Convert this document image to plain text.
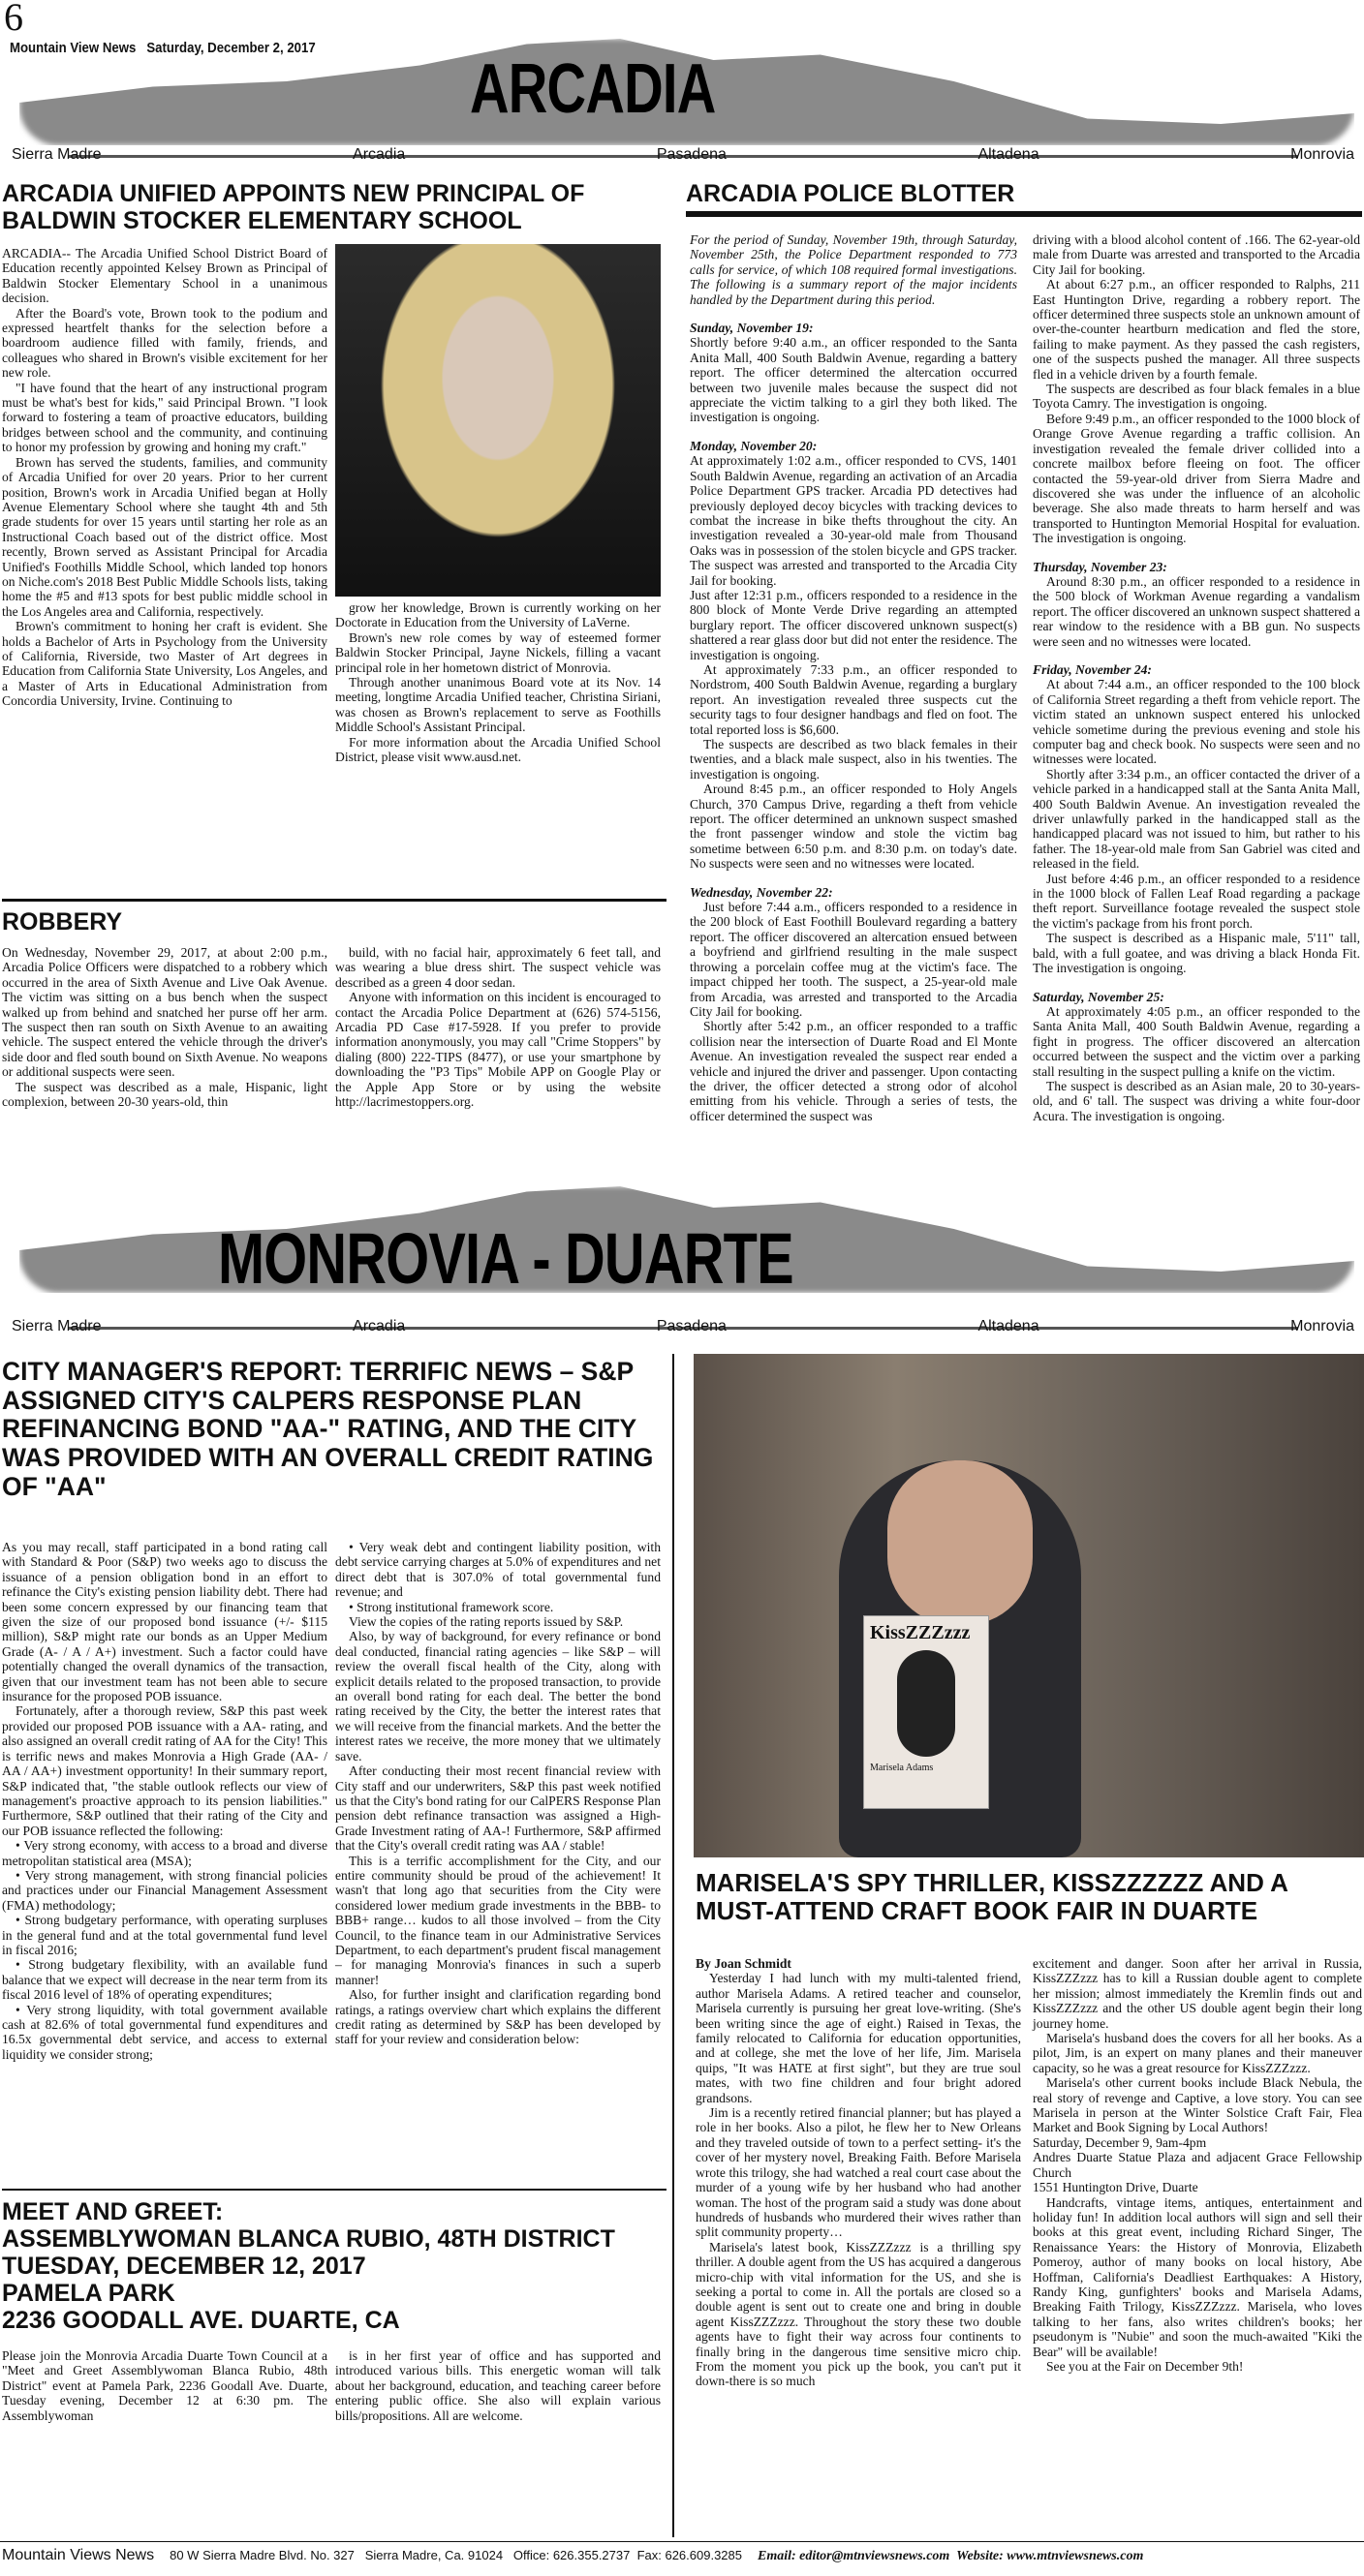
6
Mountain View News   Saturday, December 2, 2017
ARCADIA
Sierra Madre	Arcadia	Pasadena	Altadena	Monrovia
ARCADIA UNIFIED APPOINTS NEW PRINCIPAL OF BALDWIN STOCKER ELEMENTARY SCHOOL

ARCADIA-- The Arcadia Unified School District Board of Education recently appointed Kelsey Brown as Principal of Baldwin Stocker Elementary School in a unanimous decision.

After the Board's vote, Brown took to the podium and expressed heartfelt thanks for the selection before a boardroom audience filled with family, friends, and colleagues who shared in Brown's visible excitement for her new role.

"I have found that the heart of any instructional program must be what's best for kids," said Principal Brown. "I look forward to fostering a team of proactive educators, building bridges between school and the community, and continuing to honor my profession by growing and honing my craft."

Brown has served the students, families, and community of Arcadia Unified for over 20 years. Prior to her current position, Brown's work in Arcadia Unified began at Holly Avenue Elementary School where she taught 4th and 5th grade students for over 15 years until starting her role as an Instructional Coach based out of the district office. Most recently, Brown served as Assistant Principal for Arcadia Unified's Foothills Middle School, which landed top honors on Niche.com's 2018 Best Public Middle Schools lists, taking home the #5 and #13 spots for best public middle school in the Los Angeles area and California, respectively.

Brown's commitment to honing her craft is evident. She holds a Bachelor of Arts in Psychology from the University of California, Riverside, two Master of Art degrees in Education from California State University, Los Angeles, and a Master of Arts in Educational Administration from Concordia University, Irvine. Continuing to

grow her knowledge, Brown is currently working on her Doctorate in Education from the University of LaVerne.

Brown's new role comes by way of esteemed former Baldwin Stocker Principal, Jayne Nickels, filling a vacant principal role in her hometown district of Monrovia.

Through another unanimous Board vote at its Nov. 14 meeting, longtime Arcadia Unified teacher, Christina Siriani, was chosen as Brown's replacement to serve as Foothills Middle School's Assistant Principal.

For more information about the Arcadia Unified School District, please visit www.ausd.net.

ROBBERY

On Wednesday, November 29, 2017, at about 2:00 p.m., Arcadia Police Officers were dispatched to a robbery which occurred in the area of Sixth Avenue and Live Oak Avenue. The victim was sitting on a bus bench when the suspect walked up from behind and snatched her purse off her arm. The suspect then ran south on Sixth Avenue to an awaiting vehicle. The suspect entered the vehicle through the driver's side door and fled south bound on Sixth Avenue. No weapons or additional suspects were seen.

The suspect was described as a male, Hispanic, light complexion, between 20-30 years-old, thin

build, with no facial hair, approximately 6 feet tall, and was wearing a blue dress shirt. The suspect vehicle was described as a green 4 door sedan.

Anyone with information on this incident is encouraged to contact the Arcadia Police Department at (626) 574-5156, Arcadia PD Case #17-5928. If you prefer to provide information anonymously, you may call "Crime Stoppers" by dialing (800) 222-TIPS (8477), or use your smartphone by downloading the "P3 Tips" Mobile APP on Google Play or the Apple App Store or by using the website http://lacrimestoppers.org.

ARCADIA POLICE BLOTTER

For the period of Sunday, November 19th, through Saturday, November 25th, the Police Department responded to 773 calls for service, of which 108 required formal investigations. The following is a summary report of the major incidents handled by the Department during this period.

Sunday, November 19:

Shortly before 9:40 a.m., an officer responded to the Santa Anita Mall, 400 South Baldwin Avenue, regarding a battery report. The officer determined the altercation occurred between two juvenile males because the suspect did not appreciate the victim talking to a girl they both liked. The investigation is ongoing.

Monday, November 20:

At approximately 1:02 a.m., officer responded to CVS, 1401 South Baldwin Avenue, regarding an activation of an Arcadia Police Department GPS tracker. Arcadia PD detectives had previously deployed decoy bicycles with tracking devices to combat the increase in bike thefts throughout the city. An investigation revealed a 30-year-old male from Thousand Oaks was in possession of the stolen bicycle and GPS tracker. The suspect was arrested and transported to the Arcadia City Jail for booking.

Just after 12:31 p.m., officers responded to a residence in the 800 block of Monte Verde Drive regarding an attempted burglary report. The officer discovered unknown suspect(s) shattered a rear glass door but did not enter the residence. The investigation is ongoing.

At approximately 7:33 p.m., an officer responded to Nordstrom, 400 South Baldwin Avenue, regarding a burglary report. An investigation revealed three suspects cut the security tags to four designer handbags and fled on foot. The total reported loss is $6,600.

The suspects are described as two black females in their twenties, and a black male suspect, also in his twenties. The investigation is ongoing.

Around 8:45 p.m., an officer responded to Holy Angels Church, 370 Campus Drive, regarding a theft from vehicle report. The officer determined an unknown suspect smashed the front passenger window and stole the victim bag sometime between 6:50 p.m. and 8:30 p.m. on today's date. No suspects were seen and no witnesses were located.

Wednesday, November 22:

Just before 7:44 a.m., officers responded to a residence in the 200 block of East Foothill Boulevard regarding a battery report. The officer discovered an altercation ensued between a boyfriend and girlfriend resulting in the male suspect throwing a porcelain coffee mug at the victim's face. The impact chipped her tooth. The suspect, a 25-year-old male from Arcadia, was arrested and transported to the Arcadia City Jail for booking.

Shortly after 5:42 p.m., an officer responded to a traffic collision near the intersection of Duarte Road and El Monte Avenue. An investigation revealed the suspect rear ended a vehicle and injured the driver and passenger. Upon contacting the driver, the officer detected a strong odor of alcohol emitting from his vehicle. Through a series of tests, the officer determined the suspect was

driving with a blood alcohol content of .166. The 62-year-old male from Duarte was arrested and transported to the Arcadia City Jail for booking.

At about 6:27 p.m., an officer responded to Ralphs, 211 East Huntington Drive, regarding a robbery report. The officer determined three suspects stole an unknown amount of over-the-counter heartburn medication and fled the store, failing to make payment. As they passed the cash registers, one of the suspects pushed the manager. All three suspects fled in a vehicle driven by a fourth female.

The suspects are described as four black females in a blue Toyota Camry. The investigation is ongoing.

Before 9:49 p.m., an officer responded to the 1000 block of Orange Grove Avenue regarding a traffic collision. An investigation revealed the female driver collided into a concrete mailbox before fleeing on foot. The officer contacted the 59-year-old driver from Sierra Madre and discovered she was under the influence of an alcoholic beverage. She also made threats to harm herself and was transported to Huntington Memorial Hospital for evaluation. The investigation is ongoing.

Thursday, November 23:

Around 8:30 p.m., an officer responded to a residence in the 500 block of Workman Avenue regarding a vandalism report. The officer discovered an unknown suspect shattered a rear window to the residence with a BB gun. No suspects were seen and no witnesses were located.

Friday, November 24:

At about 7:44 a.m., an officer responded to the 100 block of California Street regarding a theft from vehicle report. The victim stated an unknown suspect entered his unlocked vehicle sometime during the previous evening and stole his computer bag and check book. No suspects were seen and no witnesses were located.

Shortly after 3:34 p.m., an officer contacted the driver of a vehicle parked in a handicapped stall at the Santa Anita Mall, 400 South Baldwin Avenue. An investigation revealed the driver unlawfully parked in the handicapped stall as the handicapped placard was not issued to him, but rather to his father. The 18-year-old male from San Gabriel was cited and released in the field.

Just before 4:46 p.m., an officer responded to a residence in the 1000 block of Fallen Leaf Road regarding a package theft report. Surveillance footage revealed the suspect stole the victim's package from his front porch.

The suspect is described as a Hispanic male, 5'11" tall, bald, with a full goatee, and was driving a black Honda Fit. The investigation is ongoing.

Saturday, November 25:

At approximately 4:05 p.m., an officer responded to the Santa Anita Mall, 400 South Baldwin Avenue, regarding a fight in progress. The officer discovered an altercation occurred between the suspect and the victim over a parking stall resulting in the suspect pulling a knife on the victim.

The suspect is described as an Asian male, 20 to 30-years-old, and 6' tall. The suspect was driving a white four-door Acura. The investigation is ongoing.

MONROVIA - DUARTE
Sierra Madre	Arcadia	Pasadena	Altadena	Monrovia
CITY MANAGER'S REPORT: TERRIFIC NEWS – S&P ASSIGNED CITY'S CALPERS RESPONSE PLAN REFINANCING BOND "AA-" RATING, AND THE CITY WAS PROVIDED WITH AN OVERALL CREDIT RATING OF "AA"

As you may recall, staff participated in a bond rating call with Standard & Poor (S&P) two weeks ago to discuss the issuance of a pension obligation bond in an effort to refinance the City's existing pension liability debt. There had been some concern expressed by our financing team that given the size of our proposed bond issuance (+/- $115 million), S&P might rate our bonds as an Upper Medium Grade (A- / A / A+) investment. Such a factor could have potentially changed the overall dynamics of the transaction, given that our investment team has not been able to secure insurance for the proposed POB issuance.

Fortunately, after a thorough review, S&P this past week provided our proposed POB issuance with a AA- rating, and also assigned an overall credit rating of AA for the City! This is terrific news and makes Monrovia a High Grade (AA- / AA / AA+) investment opportunity! In their summary report, S&P indicated that, "the stable outlook reflects our view of management's proactive approach to its pension liabilities." Furthermore, S&P outlined that their rating of the City and our POB issuance reflected the following:

• Very strong economy, with access to a broad and diverse metropolitan statistical area (MSA);

• Very strong management, with strong financial policies and practices under our Financial Management Assessment (FMA) methodology;

• Strong budgetary performance, with operating surpluses in the general fund and at the total governmental fund level in fiscal 2016;

• Strong budgetary flexibility, with an available fund balance that we expect will decrease in the near term from its fiscal 2016 level of 18% of operating expenditures;

• Very strong liquidity, with total government available cash at 82.6% of total governmental fund expenditures and 16.5x governmental debt service, and access to external liquidity we consider strong;

• Very weak debt and contingent liability position, with debt service carrying charges at 5.0% of expenditures and net direct debt that is 307.0% of total governmental fund revenue; and

• Strong institutional framework score.

View the copies of the rating reports issued by S&P.

Also, by way of background, for every refinance or bond deal conducted, financial rating agencies – like S&P – will review the overall fiscal health of the City, along with explicit details related to the proposed transaction, to provide an overall bond rating for each deal. The better the bond rating received by the City, the better the interest rates that we will receive from the financial markets. And the better the interest rates we receive, the more money that we ultimately save.

After conducting their most recent financial review with City staff and our underwriters, S&P this past week notified us that the City's bond rating for our CalPERS Response Plan pension debt refinance transaction was assigned a High-Grade Investment rating of AA-! Furthermore, S&P affirmed that the City's overall credit rating was AA / stable!

This is a terrific accomplishment for the City, and our entire community should be proud of the achievement! It wasn't that long ago that securities from the City were considered lower medium grade investments in the BBB- to BBB+ range… kudos to all those involved – from the City Council, to the finance team in our Administrative Services Department, to each department's prudent fiscal management – for managing Monrovia's finances in such a superb manner!

Also, for further insight and clarification regarding bond ratings, a ratings overview chart which explains the different credit rating as determined by S&P has been developed by staff for your review and consideration below:

MEET AND GREET:
ASSEMBLYWOMAN BLANCA RUBIO, 48TH DISTRICT
TUESDAY, DECEMBER 12, 2017
PAMELA PARK
2236 GOODALL AVE. DUARTE, CA

Please join the Monrovia Arcadia Duarte Town Council at a "Meet and Greet Assemblywoman Blanca Rubio, 48th District" event at Pamela Park, 2236 Goodall Ave. Duarte, Tuesday evening, December 12 at 6:30 pm. The Assemblywoman

is in her first year of office and has supported and introduced various bills. This energetic woman will talk about her background, education, and teaching career before entering public office. She also will explain various bills/propositions. All are welcome.

KissZZZzzz
Marisela Adams
MARISELA'S SPY THRILLER, KISSZZZZZZ AND A MUST-ATTEND CRAFT BOOK FAIR IN DUARTE

By Joan Schmidt

Yesterday I had lunch with my multi-talented friend, author Marisela Adams. A retired teacher and counselor, Marisela currently is pursuing her great love-writing. (She's been writing since the age of eight.) Raised in Texas, the family relocated to California for education opportunities, and at college, she met the love of her life, Jim. Marisela quips, "It was HATE at first sight", but they are true soul mates, with two fine children and four bright adored grandsons.

Jim is a recently retired financial planner; but has played a role in her books. Also a pilot, he flew her to New Orleans and they traveled outside of town to a perfect setting- it's the cover of her mystery novel, Breaking Faith. Before Marisela wrote this trilogy, she had watched a real court case about the murder of a young wife by her husband who had another woman. The host of the program said a study was done about hundreds of husbands who murdered their wives rather than split community property…

Marisela's latest book, KissZZZzzz is a thrilling spy thriller. A double agent from the US has acquired a dangerous micro-chip with vital information for the US, and she is seeking a portal to come in. All the portals are closed so a double agent is sent out to create one and bring in double agent KissZZZzzz. Throughout the story these two double agents have to fight their way across four continents to finally bring in the dangerous time sensitive micro chip. From the moment you pick up the book, you can't put it down-there is so much

excitement and danger. Soon after her arrival in Russia, KissZZZzzz has to kill a Russian double agent to complete her mission; almost immediately the Kremlin finds out and KissZZZzzz and the other US double agent begin their long journey home.

Marisela's husband does the covers for all her books. As a pilot, Jim, is an expert on many planes and their maneuver capacity, so he was a great resource for KissZZZzzz.

Marisela's other current books include Black Nebula, the real story of revenge and Captive, a love story. You can see Marisela in person at the Winter Solstice Craft Fair, Flea Market and Book Signing by Local Authors!

Saturday, December 9, 9am-4pm

Andres Duarte Statue Plaza and adjacent Grace Fellowship Church

1551 Huntington Drive, Duarte

Handcrafts, vintage items, antiques, entertainment and holiday fun! In addition local authors will sign and sell their books at this great event, including Richard Singer, The Renaissance Years: the History of Monrovia, Elizabeth Pomeroy, author of many books on local history, Abe Hoffman, California's Deadliest Earthquakes: A History, Randy King, gunfighters' books and Marisela Adams, Breaking Faith Trilogy, KissZZZzzz. Marisela, who loves talking to her fans, also writes children's books; her pseudonym is "Nubie" and soon the much-awaited "Kiki the Bear" will be available!

See you at the Fair on December 9th!

Mountain Views News 80 W Sierra Madre Blvd. No. 327   Sierra Madre, Ca. 91024   Office: 626.355.2737  Fax: 626.609.3285 Email: editor@mtnviewsnews.com  Website: www.mtnviewsnews.com
